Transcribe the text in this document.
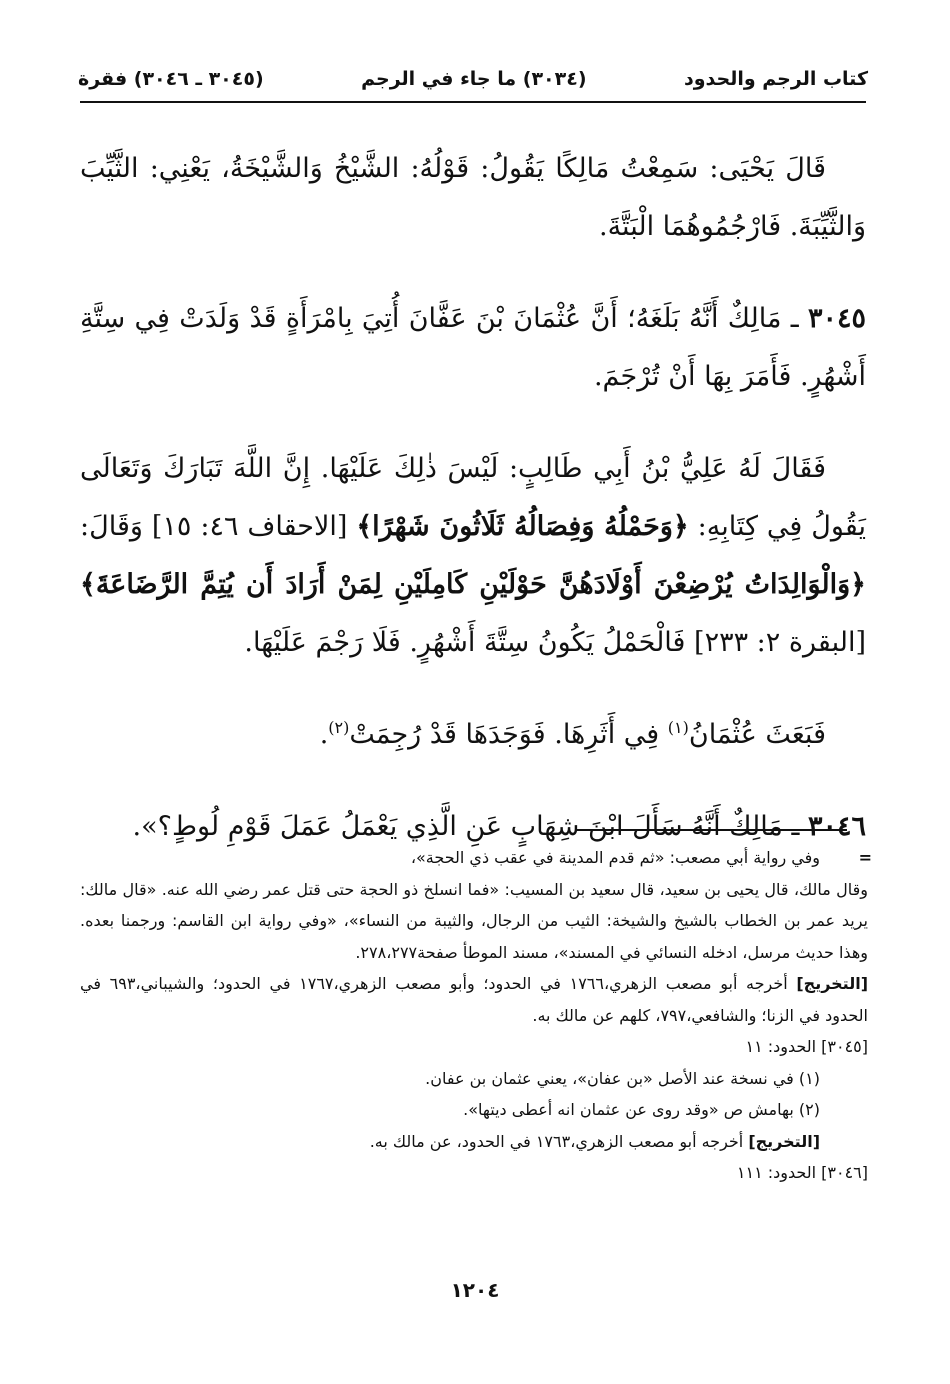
كتاب الرجم والحدود
(٣٠٣٤) ما جاء في الرجم
(٣٠٤٥ ـ ٣٠٤٦) فقرة

قَالَ يَحْيَى: سَمِعْتُ مَالِكًا يَقُولُ: قَوْلُهُ: الشَّيْخُ وَالشَّيْخَةُ، يَعْنِي: الثَّيِّبَ وَالثَّيِّبَةَ. فَارْجُمُوهُمَا الْبَتَّةَ.

٣٠٤٥ ـ مَالِكٌ أَنَّهُ بَلَغَهُ؛ أَنَّ عُثْمَانَ بْنَ عَفَّانَ أُتِيَ بِامْرَأَةٍ قَدْ وَلَدَتْ فِي سِتَّةِ أَشْهُرٍ. فَأَمَرَ بِهَا أَنْ تُرْجَمَ.

فَقَالَ لَهُ عَلِيُّ بْنُ أَبِي طَالِبٍ: لَيْسَ ذٰلِكَ عَلَيْهَا. إِنَّ اللَّهَ تَبَارَكَ وَتَعَالَى يَقُولُ فِي كِتَابِهِ: ﴿وَحَمْلُهُ وَفِصَالُهُ ثَلَاثُونَ شَهْرًا﴾ [الاحقاف ٤٦: ١٥] وَقَالَ: ﴿وَالْوَالِدَاتُ يُرْضِعْنَ أَوْلَادَهُنَّ حَوْلَيْنِ كَامِلَيْنِ لِمَنْ أَرَادَ أَن يُتِمَّ الرَّضَاعَةَ﴾ [البقرة ٢: ٢٣٣] فَالْحَمْلُ يَكُونُ سِتَّةَ أَشْهُرٍ. فَلَا رَجْمَ عَلَيْهَا.

فَبَعَثَ عُثْمَانُ$^{(١)}$ فِي أَثَرِهَا. فَوَجَدَهَا قَدْ رُجِمَتْ$^{(٢)}$.

٣٠٤٦ ـ مَالِكٌ أَنَّهُ سَأَلَ ابْنَ شِهَابٍ عَنِ الَّذِي يَعْمَلُ عَمَلَ قَوْمِ لُوطٍ؟».

=
وفي رواية أبي مصعب: «ثم قدم المدينة في عقب ذي الحجة»،
وقال مالك، قال يحيى بن سعيد، قال سعيد بن المسيب: «فما انسلخ ذو الحجة حتى قتل عمر رضي الله عنه. «قال مالك: يريد عمر بن الخطاب بالشيخ والشيخة: الثيب من الرجال، والثيبة من النساء»، «وفي رواية ابن القاسم: ورجمنا بعده. وهذا حديث مرسل، ادخله النسائي في المسند»، مسند الموطأ صفحة٢٧٨،٢٧٧.
[التخريج] أخرجه أبو مصعب الزهري،١٧٦٦ في الحدود؛ وأبو مصعب الزهري،١٧٦٧ في الحدود؛ والشيباني،٦٩٣ في الحدود في الزنا؛ والشافعي،٧٩٧، كلهم عن مالك به.
[٣٠٤٥] الحدود: ١١
(١) في نسخة عند الأصل «بن عفان»، يعني عثمان بن عفان.
(٢) بهامش ص «وقد روى عن عثمان انه أعطى ديتها».
[التخريج] أخرجه أبو مصعب الزهري،١٧٦٣ في الحدود، عن مالك به.
[٣٠٤٦] الحدود: ١١١
١٢٠٤
